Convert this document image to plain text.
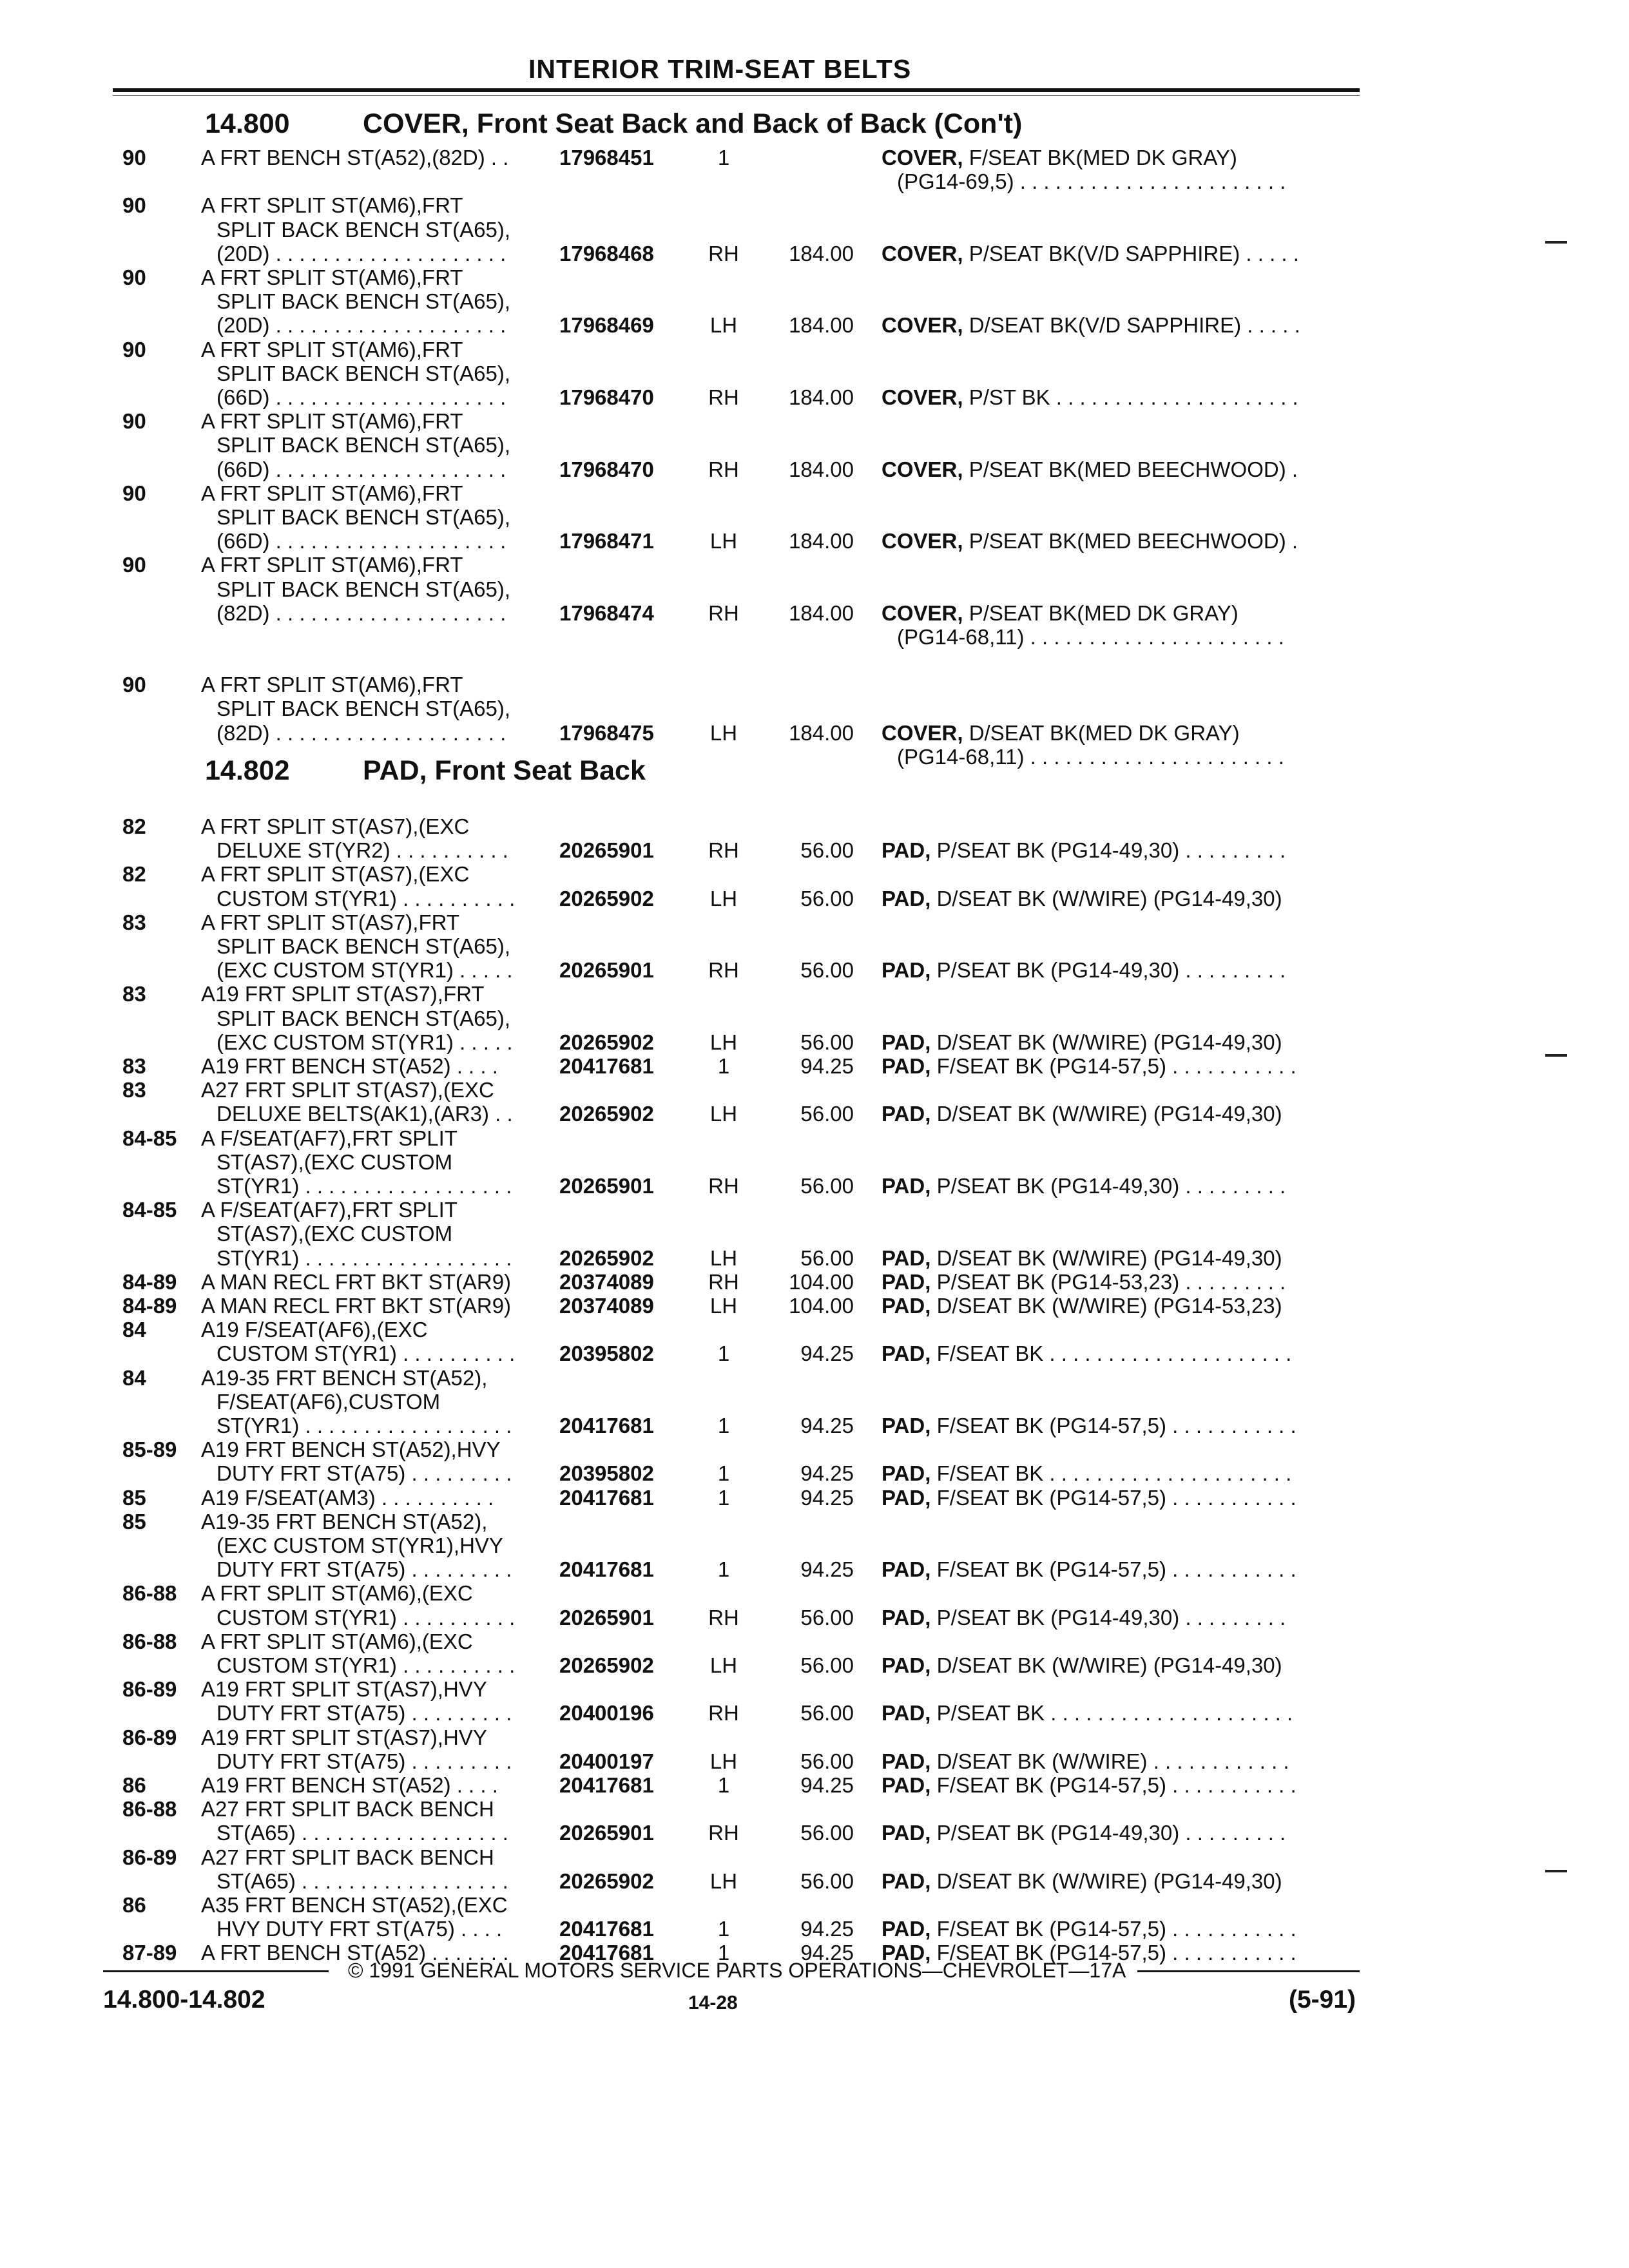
INTERIOR TRIM-SEAT BELTS
14.800	COVER, Front Seat Back and Back of Back (Con't)
14.802	PAD, Front Seat Back
90	A FRT BENCH ST(A52),(82D) . . 17968451	1	COVER, F/SEAT BK(MED DK GRAY)
(PG14-69,5) . . . . . . . . . . . . . . . . . . . . . . .
90	A FRT SPLIT ST(AM6),FRT
SPLIT BACK BENCH ST(A65),
(20D) . . . . . . . . . . . . . . . . . . . .	17968468	RH	184.00 COVER, P/SEAT BK(V/D SAPPHIRE) . . . . .
90	A FRT SPLIT ST(AM6),FRT
SPLIT BACK BENCH ST(A65),
(20D) . . . . . . . . . . . . . . . . . . . .	17968469	LH	184.00 COVER, D/SEAT BK(V/D SAPPHIRE) . . . . .
90	A FRT SPLIT ST(AM6),FRT
SPLIT BACK BENCH ST(A65),
(66D) . . . . . . . . . . . . . . . . . . . .	17968470	RH	184.00 COVER, P/ST BK . . . . . . . . . . . . . . . . . . . . .
90	A FRT SPLIT ST(AM6),FRT
SPLIT BACK BENCH ST(A65),
(66D) . . . . . . . . . . . . . . . . . . . .	17968470	RH	184.00 COVER, P/SEAT BK(MED BEECHWOOD) .
90	A FRT SPLIT ST(AM6),FRT
SPLIT BACK BENCH ST(A65),
(66D) . . . . . . . . . . . . . . . . . . . .	17968471	LH	184.00 COVER, P/SEAT BK(MED BEECHWOOD) .
90	A FRT SPLIT ST(AM6),FRT
SPLIT BACK BENCH ST(A65),
(82D) . . . . . . . . . . . . . . . . . . . .	17968474	RH	184.00 COVER, P/SEAT BK(MED DK GRAY)
(PG14-68,11) . . . . . . . . . . . . . . . . . . . . . .
90	A FRT SPLIT ST(AM6),FRT
SPLIT BACK BENCH ST(A65),
(82D) . . . . . . . . . . . . . . . . . . . .	17968475	LH	184.00 COVER, D/SEAT BK(MED DK GRAY)
(PG14-68,11) . . . . . . . . . . . . . . . . . . . . . .
82	A FRT SPLIT ST(AS7),(EXC
DELUXE ST(YR2) . . . . . . . . . . 20265901	RH	56.00 PAD, P/SEAT BK (PG14-49,30) . . . . . . . . .
82	A FRT SPLIT ST(AS7),(EXC
CUSTOM ST(YR1) . . . . . . . . . . 20265902	LH	56.00 PAD, D/SEAT BK (W/WIRE) (PG14-49,30)
83	A FRT SPLIT ST(AS7),FRT
SPLIT BACK BENCH ST(A65),
(EXC CUSTOM ST(YR1) . . . . . 20265901	RH	56.00 PAD, P/SEAT BK (PG14-49,30) . . . . . . . . .
83	A19 FRT SPLIT ST(AS7),FRT
SPLIT BACK BENCH ST(A65),
(EXC CUSTOM ST(YR1) . . . . . 20265902	LH	56.00 PAD, D/SEAT BK (W/WIRE) (PG14-49,30)
83	A19 FRT BENCH ST(A52) . . . .	20417681	1	94.25 PAD, F/SEAT BK (PG14-57,5) . . . . . . . . . . .
83	A27 FRT SPLIT ST(AS7),(EXC
DELUXE BELTS(AK1),(AR3) . . 20265902	LH	56.00 PAD, D/SEAT BK (W/WIRE) (PG14-49,30)
84-85 A F/SEAT(AF7),FRT SPLIT
ST(AS7),(EXC CUSTOM
ST(YR1) . . . . . . . . . . . . . . . . . . 20265901	RH	56.00 PAD, P/SEAT BK (PG14-49,30) . . . . . . . . .
84-85 A F/SEAT(AF7),FRT SPLIT
ST(AS7),(EXC CUSTOM
ST(YR1) . . . . . . . . . . . . . . . . . . 20265902	LH	56.00 PAD, D/SEAT BK (W/WIRE) (PG14-49,30)
84-89 A MAN RECL FRT BKT ST(AR9) 20374089	RH	104.00 PAD, P/SEAT BK (PG14-53,23) . . . . . . . . .
84-89 A MAN RECL FRT BKT ST(AR9) 20374089	LH	104.00 PAD, D/SEAT BK (W/WIRE) (PG14-53,23)
84	A19 F/SEAT(AF6),(EXC
CUSTOM ST(YR1) . . . . . . . . . . 20395802	1	94.25 PAD, F/SEAT BK . . . . . . . . . . . . . . . . . . . . .
84	A19-35 FRT BENCH ST(A52),
F/SEAT(AF6),CUSTOM
ST(YR1) . . . . . . . . . . . . . . . . . . 20417681	1	94.25 PAD, F/SEAT BK (PG14-57,5) . . . . . . . . . . .
85-89 A19 FRT BENCH ST(A52),HVY
DUTY FRT ST(A75) . . . . . . . . . 20395802	1	94.25 PAD, F/SEAT BK . . . . . . . . . . . . . . . . . . . . .
85	A19 F/SEAT(AM3) . . . . . . . . . .	20417681	1	94.25 PAD, F/SEAT BK (PG14-57,5) . . . . . . . . . . .
85	A19-35 FRT BENCH ST(A52),
(EXC CUSTOM ST(YR1),HVY
DUTY FRT ST(A75) . . . . . . . . . 20417681	1	94.25 PAD, F/SEAT BK (PG14-57,5) . . . . . . . . . . .
86-88 A FRT SPLIT ST(AM6),(EXC
CUSTOM ST(YR1) . . . . . . . . . . 20265901	RH	56.00 PAD, P/SEAT BK (PG14-49,30) . . . . . . . . .
86-88 A FRT SPLIT ST(AM6),(EXC
CUSTOM ST(YR1) . . . . . . . . . . 20265902	LH	56.00 PAD, D/SEAT BK (W/WIRE) (PG14-49,30)
86-89 A19 FRT SPLIT ST(AS7),HVY
DUTY FRT ST(A75) . . . . . . . . . 20400196	RH	56.00 PAD, P/SEAT BK . . . . . . . . . . . . . . . . . . . . .
86-89 A19 FRT SPLIT ST(AS7),HVY
DUTY FRT ST(A75) . . . . . . . . . 20400197	LH	56.00 PAD, D/SEAT BK (W/WIRE) . . . . . . . . . . . .
86	A19 FRT BENCH ST(A52) . . . .	20417681	1	94.25 PAD, F/SEAT BK (PG14-57,5) . . . . . . . . . . .
86-88 A27 FRT SPLIT BACK BENCH
ST(A65) . . . . . . . . . . . . . . . . . . 20265901	RH	56.00 PAD, P/SEAT BK (PG14-49,30) . . . . . . . . .
86-89 A27 FRT SPLIT BACK BENCH
ST(A65) . . . . . . . . . . . . . . . . . . 20265902	LH	56.00 PAD, D/SEAT BK (W/WIRE) (PG14-49,30)
86	A35 FRT BENCH ST(A52),(EXC
HVY DUTY FRT ST(A75) . . . .	20417681	1	94.25 PAD, F/SEAT BK (PG14-57,5) . . . . . . . . . . .
87-89 A FRT BENCH ST(A52) . . . . . . . 20417681	1	94.25 PAD, F/SEAT BK (PG14-57,5) . . . . . . . . . . .
© 1991 GENERAL MOTORS SERVICE PARTS OPERATIONS—CHEVROLET—17A
14.800-14.802	14-28	(5-91)
